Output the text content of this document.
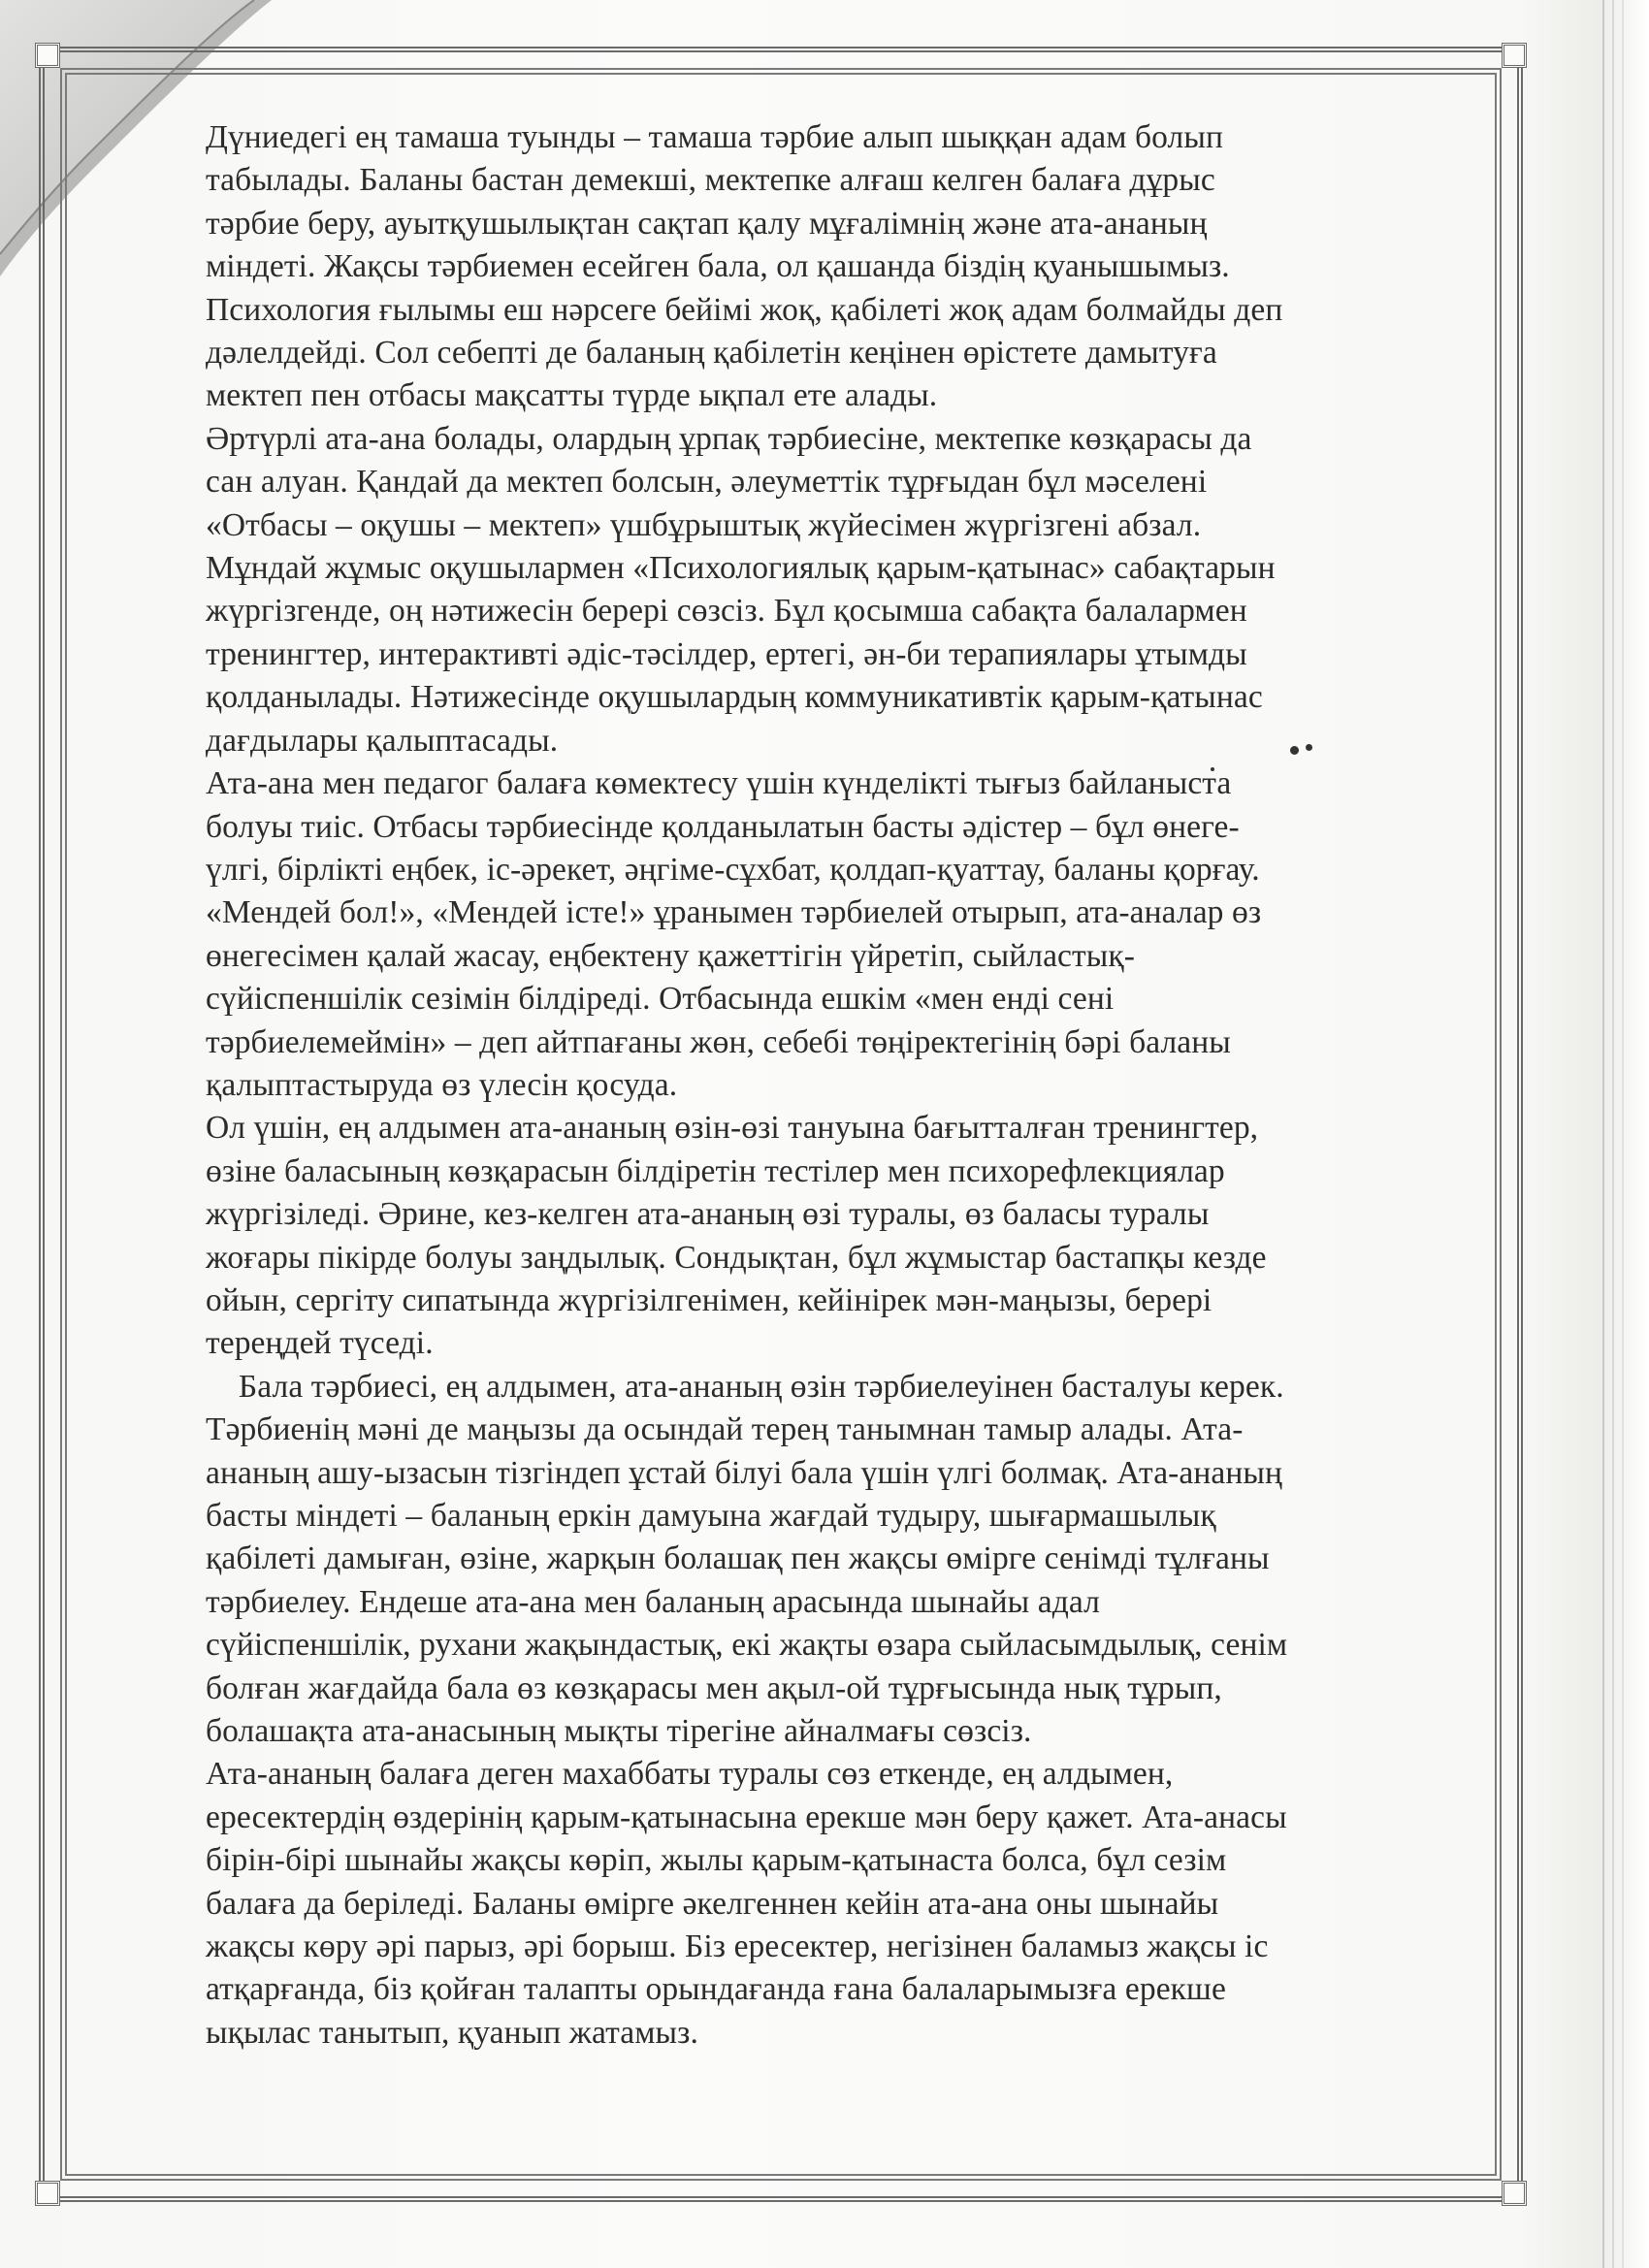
Дүниедегі ең тамаша туынды – тамаша тәрбие алып шыққан адам болып

табылады. Баланы бастан демекші, мектепке алғаш келген балаға дұрыс

тәрбие беру, ауытқушылықтан сақтап қалу мұғалімнің және ата-ананың

міндеті. Жақсы тәрбиемен есейген бала, ол қашанда біздің қуанышымыз.

Психология ғылымы еш нәрсеге бейімі жоқ, қабілеті жоқ адам болмайды деп

дәлелдейді. Сол себепті де баланың қабілетін кеңінен өрістете дамытуға

мектеп пен отбасы мақсатты түрде ықпал ете алады.

Әртүрлі ата-ана болады, олардың ұрпақ тәрбиесіне, мектепке көзқарасы да

сан алуан. Қандай да мектеп болсын, әлеуметтік тұрғыдан бұл мәселені

«Отбасы – оқушы – мектеп» үшбұрыштық жүйесімен жүргізгені абзал.

Мұндай жұмыс оқушылармен «Психологиялық қарым-қатынас» сабақтарын

жүргізгенде, оң нәтижесін берері сөзсіз. Бұл қосымша сабақта балалармен

тренингтер, интерактивті әдіс-тәсілдер, ертегі, ән-би терапиялары ұтымды

қолданылады. Нәтижесінде оқушылардың коммуникативтік қарым-қатынас

дағдылары қалыптасады.

Ата-ана мен педагог балаға көмектесу үшін күнделікті тығыз байланыста

болуы тиіс. Отбасы тәрбиесінде қолданылатын басты әдістер – бұл өнеге-

үлгі, бірлікті еңбек, іс-әрекет, әңгіме-сұхбат, қолдап-қуаттау, баланы қорғау.

«Мендей бол!», «Мендей істе!» ұранымен тәрбиелей отырып, ата-аналар өз

өнегесімен қалай жасау, еңбектену қажеттігін үйретіп, сыйластық-

сүйіспеншілік сезімін білдіреді. Отбасында ешкім «мен енді сені

тәрбиелемеймін» – деп айтпағаны жөн, себебі төңіректегінің бәрі баланы

қалыптастыруда өз үлесін қосуда.

Ол үшін, ең алдымен ата-ананың өзін-өзі тануына бағытталған тренингтер,

өзіне баласының көзқарасын білдіретін тестілер мен психорефлекциялар

жүргізіледі. Әрине, кез-келген ата-ананың өзі туралы, өз баласы туралы

жоғары пікірде болуы заңдылық. Сондықтан, бұл жұмыстар бастапқы кезде

ойын, сергіту сипатында жүргізілгенімен, кейінірек мән-маңызы, берері

тереңдей түседі.

Бала тәрбиесі, ең алдымен, ата-ананың өзін тәрбиелеуінен басталуы керек.

Тәрбиенің мәні де маңызы да осындай терең танымнан тамыр алады. Ата-

ананың ашу-ызасын тізгіндеп ұстай білуі бала үшін үлгі болмақ. Ата-ананың

басты міндеті – баланың еркін дамуына жағдай тудыру, шығармашылық

қабілеті дамыған, өзіне, жарқын болашақ пен жақсы өмірге сенімді тұлғаны

тәрбиелеу. Ендеше ата-ана мен баланың арасында шынайы адал

сүйіспеншілік, рухани жақындастық, екі жақты өзара сыйласымдылық, сенім

болған жағдайда бала өз көзқарасы мен ақыл-ой тұрғысында нық тұрып,

болашақта ата-анасының мықты тірегіне айналмағы сөзсіз.

Ата-ананың балаға деген махаббаты туралы сөз еткенде, ең алдымен,

ересектердің өздерінің қарым-қатынасына ерекше мән беру қажет. Ата-анасы

бірін-бірі шынайы жақсы көріп, жылы қарым-қатынаста болса, бұл сезім

балаға да беріледі. Баланы өмірге әкелгеннен кейін ата-ана оны шынайы

жақсы көру әрі парыз, әрі борыш. Біз ересектер, негізінен баламыз жақсы іс

атқарғанда, біз қойған талапты орындағанда ғана балаларымызға ерекше

ықылас танытып, қуанып жатамыз.
